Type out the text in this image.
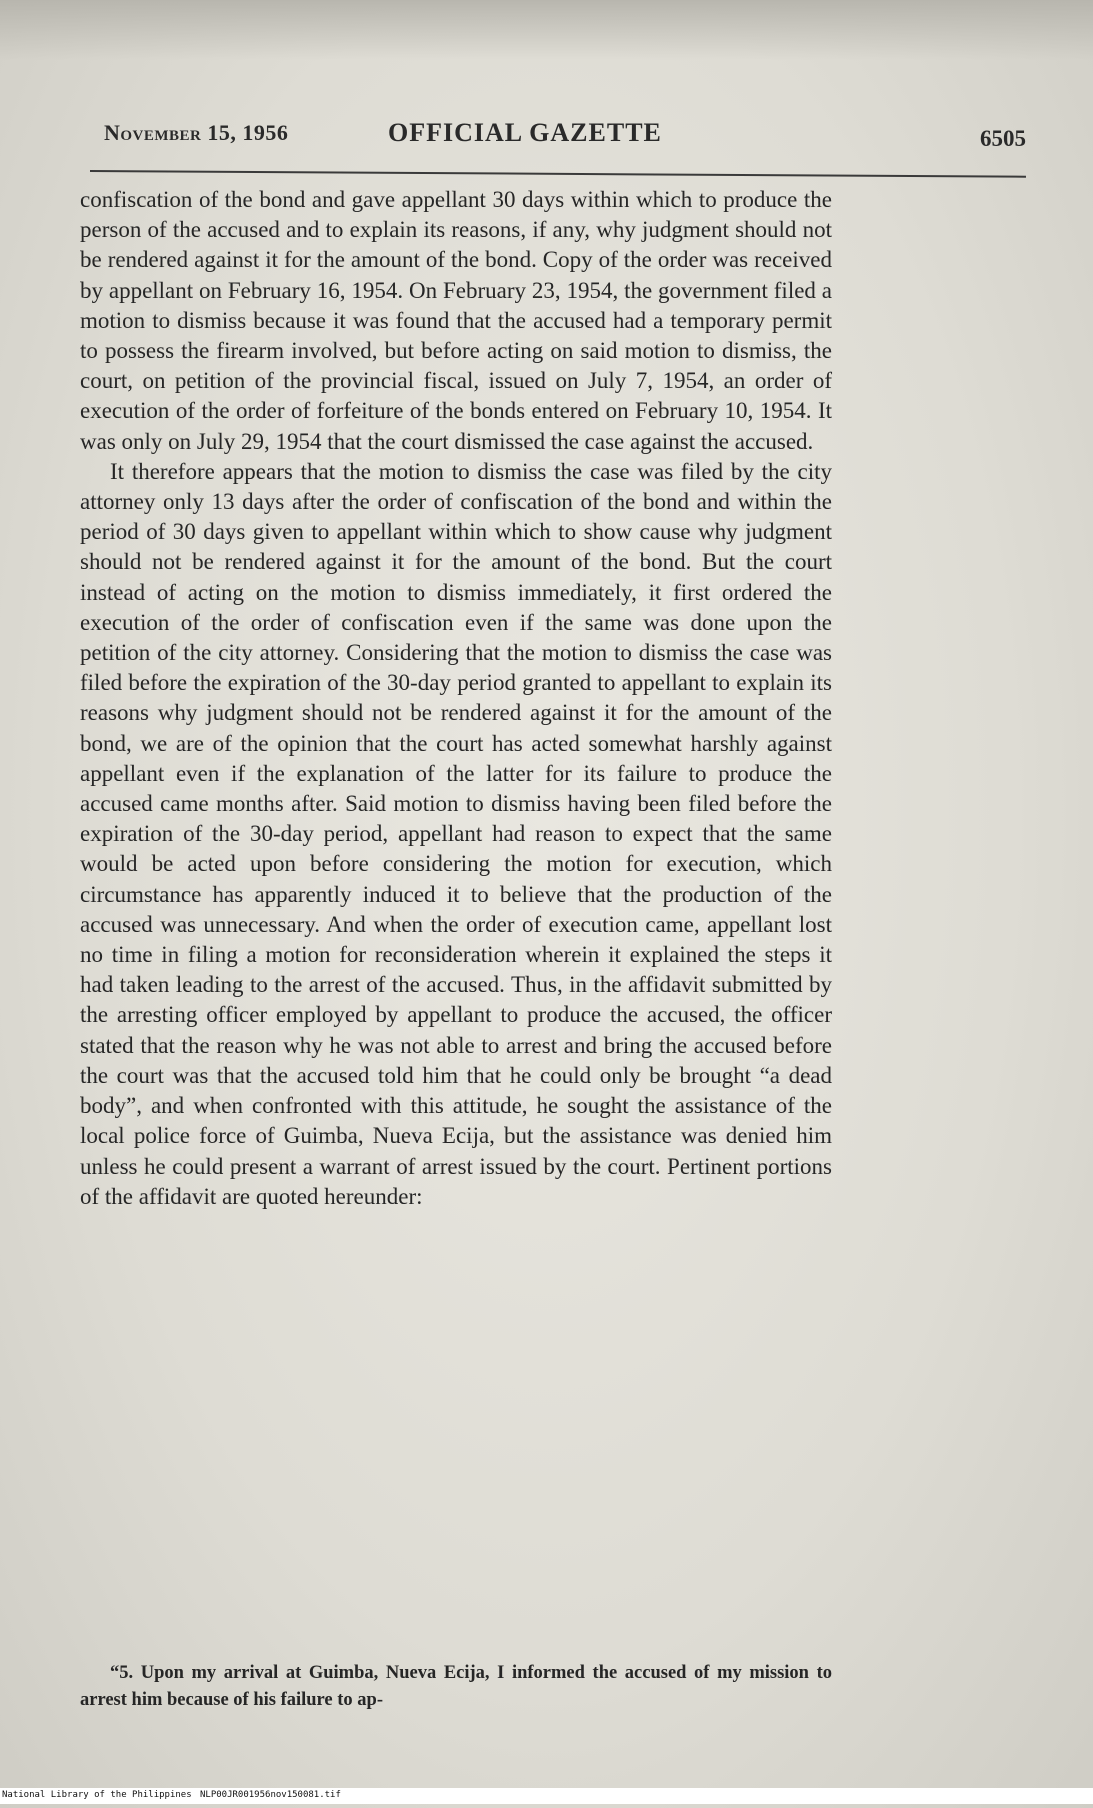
November 15, 1956	OFFICIAL GAZETTE	6505

confiscation of the bond and gave appellant 30 days within which to produce the person of the accused and to explain its reasons, if any, why judgment should not be rendered against it for the amount of the bond. Copy of the order was received by appellant on February 16, 1954. On February 23, 1954, the government filed a motion to dismiss because it was found that the accused had a temporary permit to possess the firearm involved, but before acting on said motion to dismiss, the court, on petition of the provincial fiscal, issued on July 7, 1954, an order of execution of the order of forfeiture of the bonds entered on February 10, 1954. It was only on July 29, 1954 that the court dismissed the case against the accused.

It therefore appears that the motion to dismiss the case was filed by the city attorney only 13 days after the order of confiscation of the bond and within the period of 30 days given to appellant within which to show cause why judgment should not be rendered against it for the amount of the bond. But the court instead of acting on the motion to dismiss immediately, it first ordered the execution of the order of confiscation even if the same was done upon the petition of the city attorney. Considering that the motion to dismiss the case was filed before the expiration of the 30-day period granted to appellant to explain its reasons why judgment should not be rendered against it for the amount of the bond, we are of the opinion that the court has acted somewhat harshly against appellant even if the explanation of the latter for its failure to produce the accused came months after. Said motion to dismiss having been filed before the expiration of the 30-day period, appellant had reason to expect that the same would be acted upon before considering the motion for execution, which circumstance has apparently induced it to believe that the production of the accused was unnecessary. And when the order of execution came, appellant lost no time in filing a motion for reconsideration wherein it explained the steps it had taken leading to the arrest of the accused. Thus, in the affidavit submitted by the arresting officer employed by appellant to produce the accused, the officer stated that the reason why he was not able to arrest and bring the accused before the court was that the accused told him that he could only be brought “a dead body”, and when confronted with this attitude, he sought the assistance of the local police force of Guimba, Nueva Ecija, but the assistance was denied him unless he could present a warrant of arrest issued by the court. Pertinent portions of the affidavit are quoted hereunder:

“5. Upon my arrival at Guimba, Nueva Ecija, I informed the accused of my mission to arrest him because of his failure to ap-
National Library of the Philippines NLP00JR001956nov150081.tif
